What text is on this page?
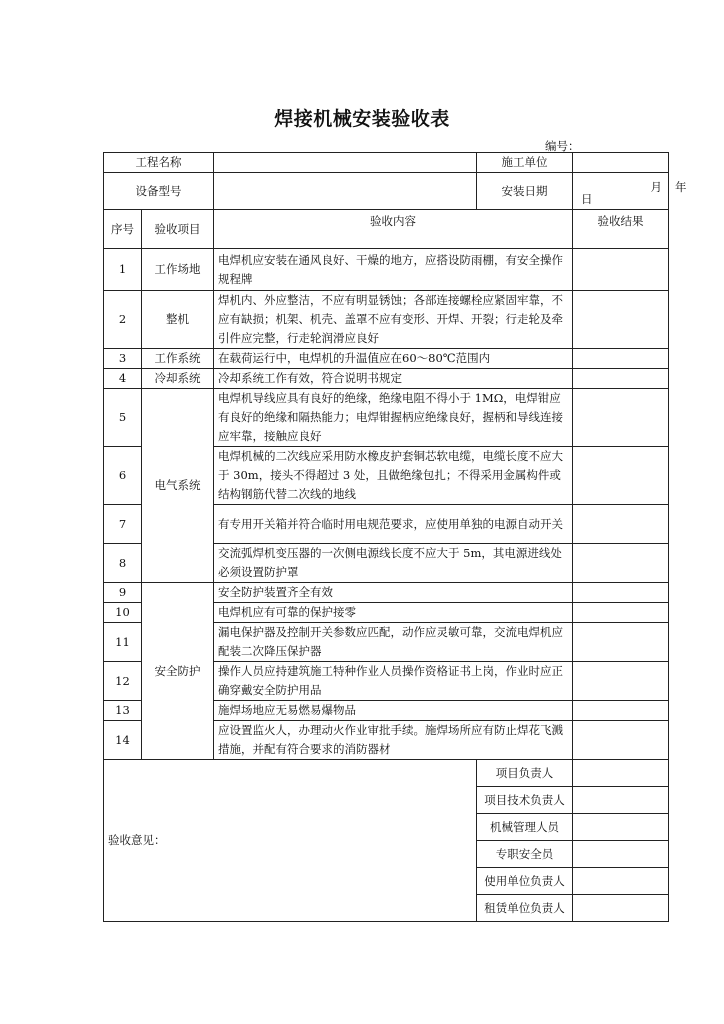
焊接机械安装验收表
编号：
工程名称			施工单位	
设备型号			安装日期	年
月
日

序号	验收项目	验收内容		验收结果
1	工作场地	电焊机应安装在通风良好、干燥的地方，应搭设防雨棚，有安全操作规程牌		
2	整机	焊机内、外应整洁，不应有明显锈蚀；各部连接螺栓应紧固牢靠，不应有缺损；机架、机壳、盖罩不应有变形、开焊、开裂；行走轮及牵引件应完整，行走轮润滑应良好		
3	工作系统	在载荷运行中，电焊机的升温值应在60～80℃范围内		
4	冷却系统	冷却系统工作有效，符合说明书规定		
5	电气系统	电焊机导线应具有良好的绝缘，绝缘电阻不得小于 1MΩ，电焊钳应有良好的绝缘和隔热能力；电焊钳握柄应绝缘良好，握柄和导线连接应牢靠，接触应良好		
6		电焊机械的二次线应采用防水橡皮护套铜芯软电缆，电缆长度不应大于 30m，接头不得超过 3 处，且做绝缘包扎；不得采用金属构件或结构钢筋代替二次线的地线		
7		有专用开关箱并符合临时用电规范要求，应使用单独的电源自动开关		
8		交流弧焊机变压器的一次侧电源线长度不应大于 5m，其电源进线处必须设置防护罩		
9	安全防护	安全防护装置齐全有效		
10		电焊机应有可靠的保护接零		
11		漏电保护器及控制开关参数应匹配，动作应灵敏可靠，交流电焊机应配装二次降压保护器		
12		操作人员应持建筑施工特种作业人员操作资格证书上岗，作业时应正确穿戴安全防护用品		
13		施焊场地应无易燃易爆物品		
14		应设置监火人，办理动火作业审批手续。施焊场所应有防止焊花飞溅措施，并配有符合要求的消防器材		
验收意见：			项目负责人	
			项目技术负责人	
			机械管理人员	
			专职安全员	
			使用单位负责人	
			租赁单位负责人	
